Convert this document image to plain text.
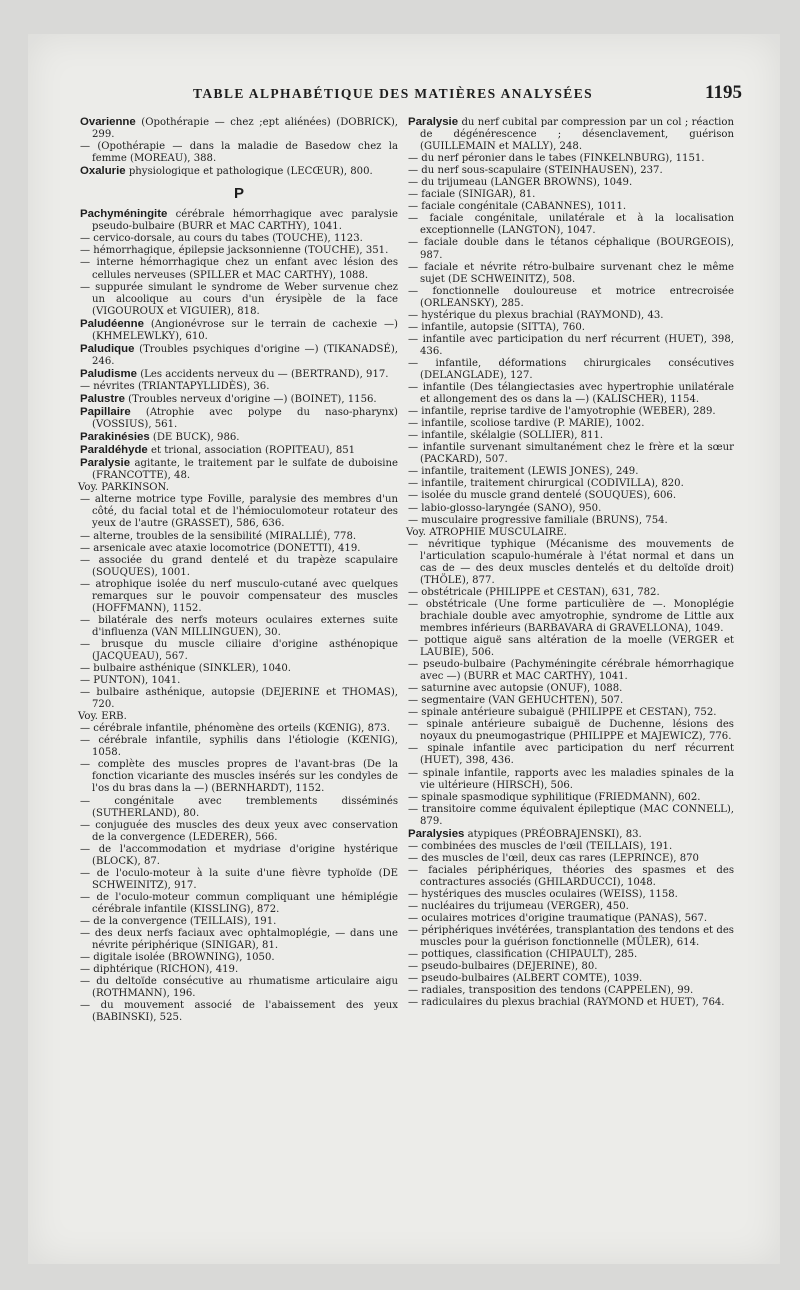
TABLE ALPHABÉTIQUE DES MATIÈRES ANALYSÉES	1195

Ovarienne (Opothérapie — chez ;ept aliénées) (DOBRICK), 299.

— (Opothérapie — dans la maladie de Basedow chez la femme (MOREAU), 388.

Oxalurie physiologique et pathologique (LECŒUR), 800.

P

Pachyméningite cérébrale hémorrhagique avec paralysie pseudo-bulbaire (BURR et MAC CARTHY), 1041.

— cervico-dorsale, au cours du tabes (TOUCHE), 1123.

— hémorrhagique, épilepsie jacksonnienne (TOUCHE), 351.

— interne hémorrhagique chez un enfant avec lésion des cellules nerveuses (SPILLER et MAC CARTHY), 1088.

— suppurée simulant le syndrome de Weber survenue chez un alcoolique au cours d'un érysipèle de la face (VIGOUROUX et VIGUIER), 818.

Paludéenne (Angionévrose sur le terrain de cachexie —) (KHMELEWLKY), 610.

Paludique (Troubles psychiques d'origine —) (TIKANADSÉ), 246.

Paludisme (Les accidents nerveux du — (BERTRAND), 917.

— névrites (TRIANTAPYLLIDÈS), 36.

Palustre (Troubles nerveux d'origine —) (BOINET), 1156.

Papillaire (Atrophie avec polype du naso-pharynx) (VOSSIUS), 561.

Parakinésies (DE BUCK), 986.

Paraldéhyde et trional, association (ROPITEAU), 851

Paralysie agitante, le traitement par le sulfate de duboisine (FRANCOTTE), 48.

Voy. PARKINSON.

— alterne motrice type Foville, paralysie des membres d'un côté, du facial total et de l'hémioculomoteur rotateur des yeux de l'autre (GRASSET), 586, 636.

— alterne, troubles de la sensibilité (MIRALLIÉ), 778.

— arsenicale avec ataxie locomotrice (DONETTI), 419.

— associée du grand dentelé et du trapèze scapulaire (SOUQUES), 1001.

— atrophique isolée du nerf musculo-cutané avec quelques remarques sur le pouvoir compensateur des muscles (HOFFMANN), 1152.

— bilatérale des nerfs moteurs oculaires externes suite d'influenza (VAN MILLINGUEN), 30.

— brusque du muscle ciliaire d'origine asthénopique (JACQUEAU), 567.

— bulbaire asthénique (SINKLER), 1040.

— PUNTON), 1041.

— bulbaire asthénique, autopsie (DEJERINE et THOMAS), 720.

Voy. ERB.

— cérébrale infantile, phénomène des orteils (KŒNIG), 873.

— cérébrale infantile, syphilis dans l'étiologie (KŒNIG), 1058.

— complète des muscles propres de l'avant-bras (De la fonction vicariante des muscles insérés sur les condyles de l'os du bras dans la —) (BERNHARDT), 1152.

— congénitale avec tremblements disséminés (SUTHERLAND), 80.

— conjuguée des muscles des deux yeux avec conservation de la convergence (LEDERER), 566.

— de l'accommodation et mydriase d'origine hystérique (BLOCK), 87.

— de l'oculo-moteur à la suite d'une fièvre typhoïde (DE SCHWEINITZ), 917.

— de l'oculo-moteur commun compliquant une hémiplégie cérébrale infantile (KISSLING), 872.

— de la convergence (TEILLAIS), 191.

— des deux nerfs faciaux avec ophtalmoplégie, — dans une névrite périphérique (SINIGAR), 81.

— digitale isolée (BROWNING), 1050.

— diphtérique (RICHON), 419.

— du deltoïde consécutive au rhumatisme articulaire aigu (ROTHMANN), 196.

— du mouvement associé de l'abaissement des yeux (BABINSKI), 525.

Paralysie du nerf cubital par compression par un col ; réaction de dégénérescence ; désenclavement, guérison (GUILLEMAIN et MALLY), 248.

— du nerf péronier dans le tabes (FINKELNBURG), 1151.

— du nerf sous-scapulaire (STEINHAUSEN), 237.

— du trijumeau (LANGER BROWNS), 1049.

— faciale (SINIGAR), 81.

— faciale congénitale (CABANNES), 1011.

— faciale congénitale, unilatérale et à la localisation exceptionnelle (LANGTON), 1047.

— faciale double dans le tétanos céphalique (BOURGEOIS), 987.

— faciale et névrite rétro-bulbaire survenant chez le même sujet (DE SCHWEINITZ), 508.

— fonctionnelle douloureuse et motrice entrecroisée (ORLEANSKY), 285.

— hystérique du plexus brachial (RAYMOND), 43.

— infantile, autopsie (SITTA), 760.

— infantile avec participation du nerf récurrent (HUET), 398, 436.

— infantile, déformations chirurgicales consécutives (DELANGLADE), 127.

— infantile (Des télangiectasies avec hypertrophie unilatérale et allongement des os dans la —) (KALISCHER), 1154.

— infantile, reprise tardive de l'amyotrophie (WEBER), 289.

— infantile, scoliose tardive (P. MARIE), 1002.

— infantile, skélalgie (SOLLIER), 811.

— infantile survenant simultanément chez le frère et la sœur (PACKARD), 507.

— infantile, traitement (LEWIS JONES), 249.

— infantile, traitement chirurgical (CODIVILLA), 820.

— isolée du muscle grand dentelé (SOUQUES), 606.

— labio-glosso-laryngée (SANO), 950.

— musculaire progressive familiale (BRUNS), 754.

Voy. ATROPHIE MUSCULAIRE.

— névritique typhique (Mécanisme des mouvements de l'articulation scapulo-humérale à l'état normal et dans un cas de — des deux muscles dentelés et du deltoïde droit) (THÖLE), 877.

— obstétricale (PHILIPPE et CESTAN), 631, 782.

— obstétricale (Une forme particulière de —. Monoplégie brachiale double avec amyotrophie, syndrome de Little aux membres inférieurs (BARBAVARA di GRAVELLONA), 1049.

— pottique aiguë sans altération de la moelle (VERGER et LAUBIE), 506.

— pseudo-bulbaire (Pachyméningite cérébrale hémorrhagique avec —) (BURR et MAC CARTHY), 1041.

— saturnine avec autopsie (ONUF), 1088.

— segmentaire (VAN GEHUCHTEN), 507.

— spinale antérieure subaiguë (PHILIPPE et CESTAN), 752.

— spinale antérieure subaiguë de Duchenne, lésions des noyaux du pneumogastrique (PHILIPPE et MAJEWICZ), 776.

— spinale infantile avec participation du nerf récurrent (HUET), 398, 436.

— spinale infantile, rapports avec les maladies spinales de la vie ultérieure (HIRSCH), 506.

— spinale spasmodique syphilitique (FRIEDMANN), 602.

— transitoire comme équivalent épileptique (MAC CONNELL), 879.

Paralysies atypiques (PRÉOBRAJENSKI), 83.

— combinées des muscles de l'œil (TEILLAIS), 191.

— des muscles de l'œil, deux cas rares (LEPRINCE), 870

— faciales périphériques, théories des spasmes et des contractures associés (GHILARDUCCI), 1048.

— hystériques des muscles oculaires (WEISS), 1158.

— nucléaires du trijumeau (VERGER), 450.

— oculaires motrices d'origine traumatique (PANAS), 567.

— périphériques invétérées, transplantation des tendons et des muscles pour la guérison fonctionnelle (MÜLER), 614.

— pottiques, classification (CHIPAULT), 285.

— pseudo-bulbaires (DEJERINE), 80.

— pseudo-bulbaires (ALBERT COMTE), 1039.

— radiales, transposition des tendons (CAPPELEN), 99.

— radiculaires du plexus brachial (RAYMOND et HUET), 764.
